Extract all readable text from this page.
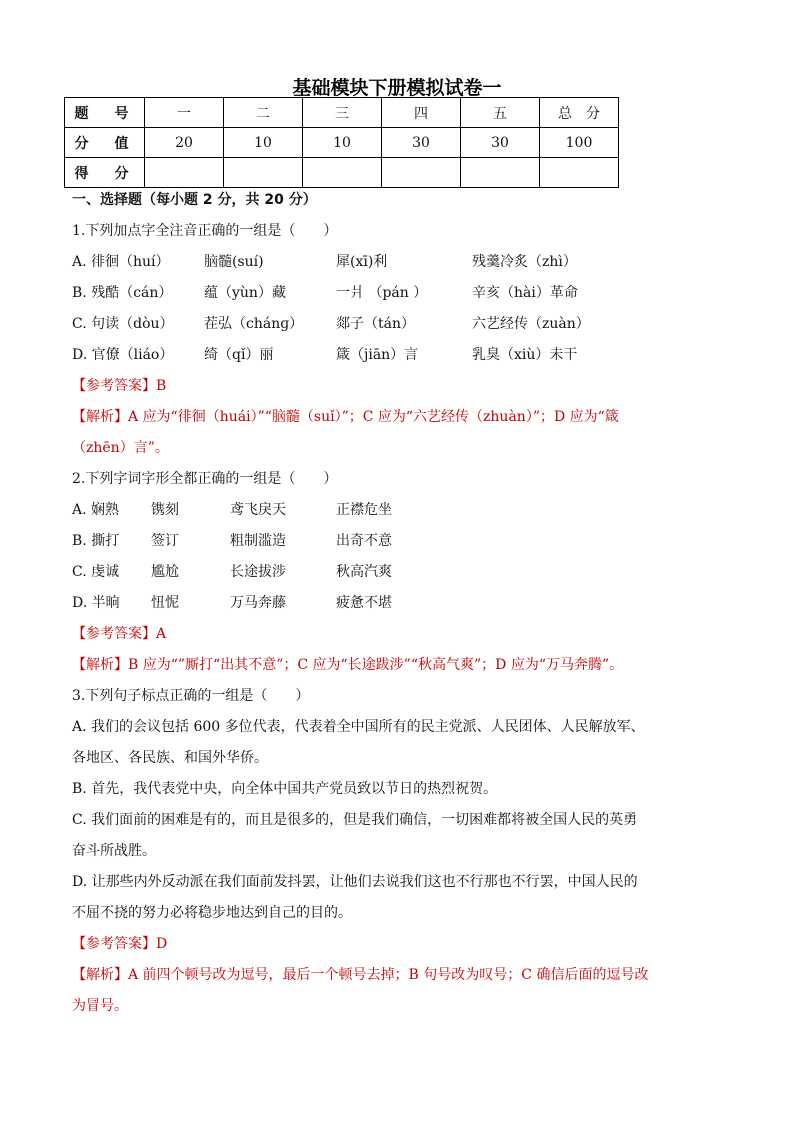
基础模块下册模拟试卷一
题　号	一	二	三	四	五	总　分
分　值	20	10	10	30	30	100
得　分						
一、选择题（每小题 2 分，共 20 分）
1.下列加点字全注音正确的一组是（　　）
A. 徘徊（huí）	脑髓(suí)	犀(xī)利	残羹冷炙（zhì）
B. 残酷（cán）	蕴（yùn）藏	一爿 （pán ）	辛亥（hài）革命
C. 句读（dòu）	茬弘（chánɡ）	郯子（tán）	六艺经传（zuàn）
D. 官僚（liáo）	绮（qǐ）丽	箴（jiān）言	乳臭（xiù）未干
【参考答案】B
【解析】A 应为“徘徊（huái）”“脑髓（suǐ）”；C 应为“六艺经传（zhuàn）”；D 应为“箴
（zhēn）言”。
2.下列字词字形全都正确的一组是（　　）
A. 娴熟	镌刻	鸢飞戾天	正襟危坐
B. 撕打	签订	粗制滥造	出奇不意
C. 虔诚	尴尬	长途拔涉	秋高汽爽
D. 半晌	忸怩	万马奔藤	疲惫不堪
【参考答案】A
【解析】B 应为“”厮打“出其不意”；C 应为“长途跋涉”“秋高气爽”；D 应为“万马奔腾”。
3.下列句子标点正确的一组是（　　）
A. 我们的会议包括 600 多位代表，代表着全中国所有的民主党派、人民团体、人民解放军、
各地区、各民族、和国外华侨。
B. 首先，我代表党中央，向全体中国共产党员致以节日的热烈祝贺。
C. 我们面前的困难是有的，而且是很多的，但是我们确信，一切困难都将被全国人民的英勇
奋斗所战胜。
D. 让那些内外反动派在我们面前发抖罢，让他们去说我们这也不行那也不行罢，中国人民的
不屈不挠的努力必将稳步地达到自己的目的。
【参考答案】D
【解析】A 前四个顿号改为逗号，最后一个顿号去掉；B 句号改为叹号；C 确信后面的逗号改
为冒号。
